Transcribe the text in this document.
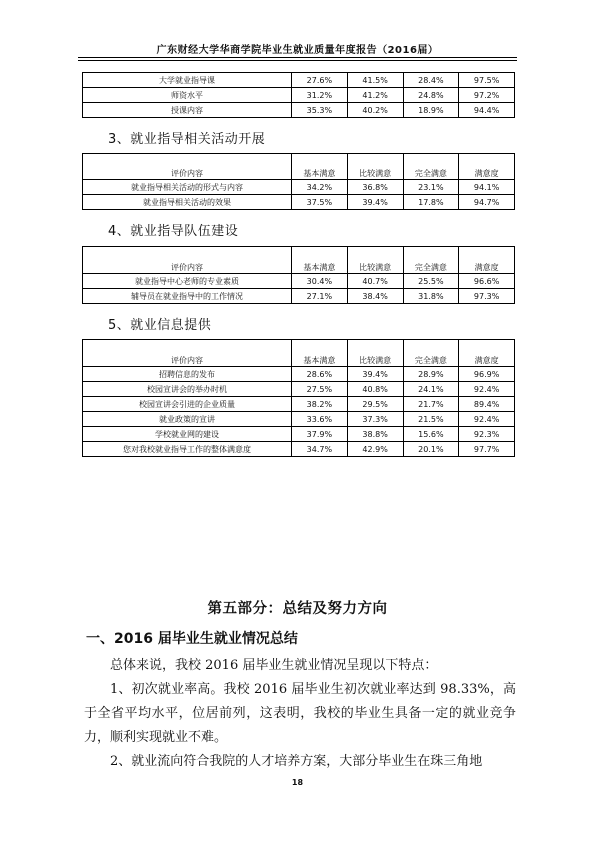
广东财经大学华商学院毕业生就业质量年度报告（2016届）
大学就业指导课	27.6%	41.5%	28.4%	97.5%
师资水平	31.2%	41.2%	24.8%	97.2%
授课内容	35.3%	40.2%	18.9%	94.4%
3、就业指导相关活动开展
评价内容	基本满意	比较满意	完全满意	满意度
就业指导相关活动的形式与内容	34.2%	36.8%	23.1%	94.1%
就业指导相关活动的效果	37.5%	39.4%	17.8%	94.7%
4、就业指导队伍建设
评价内容	基本满意	比较满意	完全满意	满意度
就业指导中心老师的专业素质	30.4%	40.7%	25.5%	96.6%
辅导员在就业指导中的工作情况	27.1%	38.4%	31.8%	97.3%
5、就业信息提供
评价内容	基本满意	比较满意	完全满意	满意度
招聘信息的发布	28.6%	39.4%	28.9%	96.9%
校园宣讲会的举办时机	27.5%	40.8%	24.1%	92.4%
校园宣讲会引进的企业质量	38.2%	29.5%	21.7%	89.4%
就业政策的宣讲	33.6%	37.3%	21.5%	92.4%
学校就业网的建设	37.9%	38.8%	15.6%	92.3%
您对我校就业指导工作的整体满意度	34.7%	42.9%	20.1%	97.7%
第五部分：总结及努力方向
一、2016 届毕业生就业情况总结
总体来说，我校 2016 届毕业生就业情况呈现以下特点：
1、初次就业率高。我校 2016 届毕业生初次就业率达到 98.33%，高于全省平均水平，位居前列，这表明，我校的毕业生具备一定的就业竞争力，顺利实现就业不难。
2、就业流向符合我院的人才培养方案，大部分毕业生在珠三角地
18
